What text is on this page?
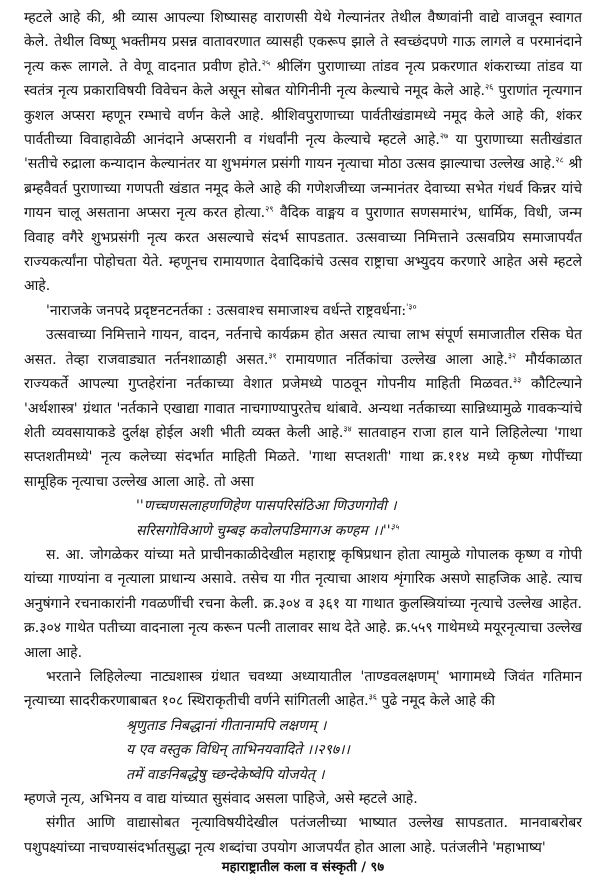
म्हटले आहे की, श्री व्यास आपल्या शिष्यासह वाराणसी येथे गेल्यानंतर तेथील वैष्णवांनी वाद्ये वाजवून स्वागत केले. तेथील विष्णू भक्तीमय प्रसन्न वातावरणात व्यासही एकरूप झाले ते स्वच्छंदपणे गाऊ लागले व परमानंदाने नृत्य करू लागले. ते वेणू वादनात प्रवीण होते.$^{२५}$ श्रीलिंग पुराणाच्या तांडव नृत्य प्रकरणात शंकराच्या तांडव या स्वतंत्र नृत्य प्रकाराविषयी विवेचन केले असून सोबत योगिनीनी नृत्य केल्याचे नमूद केले आहे.$^{२६}$ पुराणांत नृत्यगान कुशल अप्सरा म्हणून रम्भाचे वर्णन केले आहे. श्रीशिवपुराणाच्या पार्वतीखंडामध्ये नमूद केले आहे की, शंकर पार्वतीच्या विवाहावेळी आनंदाने अप्सरानी व गंधर्वांनी नृत्य केल्याचे म्हटले आहे.$^{२७}$ या पुराणाच्या सतीखंडात 'सतीचे रुद्राला कन्यादान केल्यानंतर या शुभमंगल प्रसंगी गायन नृत्याचा मोठा उत्सव झाल्याचा उल्लेख आहे.$^{२८}$ श्री ब्रम्हवैवर्त पुराणाच्या गणपती खंडात नमूद केले आहे की गणेशजीच्या जन्मानंतर देवाच्या सभेत गंधर्व किन्नर यांचे गायन चालू असताना अप्सरा नृत्य करत होत्या.$^{२९}$ वैदिक वाङ्मय व पुराणात सणसमारंभ, धार्मिक, विधी, जन्म विवाह वगैरे शुभप्रसंगी नृत्य करत असल्याचे संदर्भ सापडतात. उत्सवाच्या निमित्ताने उत्सवप्रिय समाजापर्यंत राज्यकर्त्यांना पोहोचता येते. म्हणूनच रामायणात देवादिकांचे उत्सव राष्ट्राचा अभ्युदय करणारे आहेत असे म्हटले आहे.

'नाराजके जनपदे प्रदृष्टनटनर्तका : उत्सवाश्च समाजाश्च वर्धन्ते राष्ट्रवर्धना:$^{'३०}$

उत्सवाच्या निमित्ताने गायन, वादन, नर्तनाचे कार्यक्रम होत असत त्याचा लाभ संपूर्ण समाजातील रसिक घेत असत. तेव्हा राजवाड्यात नर्तनशाळाही असत.$^{३१}$ रामायणात नर्तिकांचा उल्लेख आला आहे.$^{३२}$ मौर्यकाळात राज्यकर्ते आपल्या गुप्तहेरांना नर्तकाच्या वेशात प्रजेमध्ये पाठवून गोपनीय माहिती मिळवत.$^{३३}$ कौटिल्याने 'अर्थशास्त्र' ग्रंथात 'नर्तकाने एखाद्या गावात नाचगाण्यापुरतेच थांबावे. अन्यथा नर्तकाच्या सान्निध्यामुळे गावकऱ्यांचे शेती व्यवसायाकडे दुर्लक्ष होईल अशी भीती व्यक्त केली आहे.$^{३४}$ सातवाहन राजा हाल याने लिहिलेल्या 'गाथा सप्तशतीमध्ये' नृत्य कलेच्या संदर्भात माहिती मिळते. 'गाथा सप्तशती' गाथा क्र.११४ मध्ये कृष्ण गोपींच्या सामूहिक नृत्याचा उल्लेख आला आहे. तो असा

''णच्चणसलाहणणिहेण पासपरिसंठिआ णिउणगोवी ।

सरिसगोविआणे चुम्बइ कवोलपडिमागअ कण्हम $।।''^{३५}$

स. आ. जोगळेकर यांच्या मते प्राचीनकाळीदेखील महाराष्ट्र कृषिप्रधान होता त्यामुळे गोपालक कृष्ण व गोपी यांच्या गाण्यांना व नृत्याला प्राधान्य असावे. तसेच या गीत नृत्याचा आशय शृंगारिक असणे साहजिक आहे. त्याच अनुषंगाने रचनाकारांनी गवळणींची रचना केली. क्र.३०४ व ३६१ या गाथात कुलस्त्रियांच्या नृत्याचे उल्लेख आहेत. क्र.३०४ गाथेत पतीच्या वादनाला नृत्य करून पत्नी तालावर साथ देते आहे. क्र.५५९ गाथेमध्ये मयूरनृत्याचा उल्लेख आला आहे.

भरताने लिहिलेल्या नाट्यशास्त्र ग्रंथात चवथ्या अध्यायातील 'ताण्डवलक्षणम्' भागामध्ये जिवंत गतिमान नृत्याच्या सादरीकरणाबाबत १०८ स्थिराकृतीची वर्णने सांगितली आहेत.$^{३६}$ पुढे नमूद केले आहे की

श्रृणुताड निबद्धानां गीतानामपि लक्षणम् ।

य एव वस्तुक विधिन् ताभिनयवादिते ।।२९७।।

तमें वाङनिबद्धेषु च्छन्देकेष्वेपि योजयेत् ।

म्हणजे नृत्य, अभिनय व वाद्य यांच्यात सुसंवाद असला पाहिजे, असे म्हटले आहे.

संगीत आणि वाद्यासोबत नृत्याविषयीदेखील पतंजलीच्या भाष्यात उल्लेख सापडतात. मानवाबरोबर पशुपक्ष्यांच्या नाचण्यासंदर्भातसुद्धा नृत्य शब्दांचा उपयोग आजपर्यंत होत आला आहे. पतंजलीने 'महाभाष्य'

महाराष्ट्रातील कला व संस्कृती / ९७
